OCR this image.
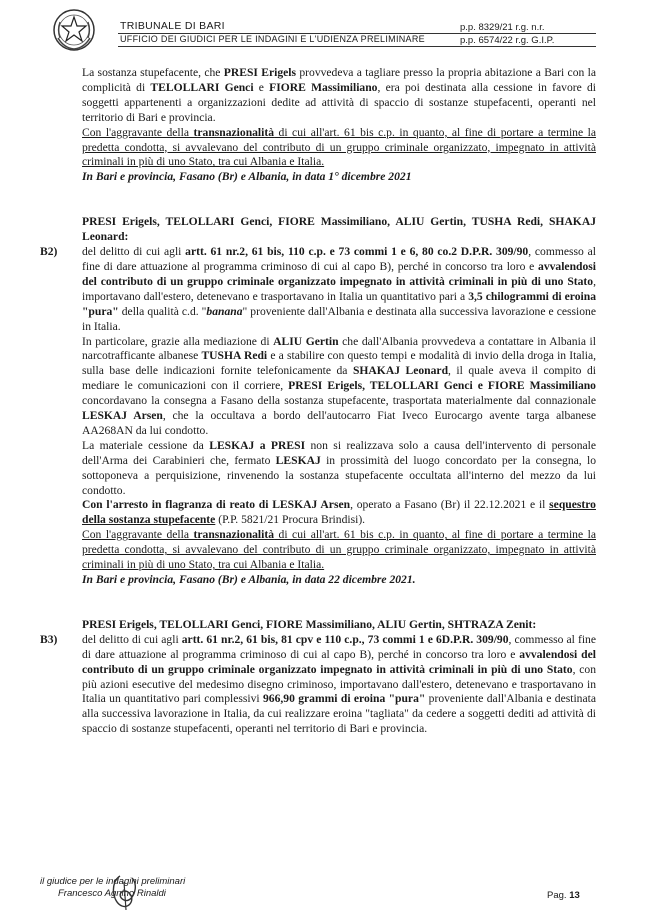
TRIBUNALE DI BARI
UFFICIO DEI GIUDICI PER LE INDAGINI E L'UDIENZA PRELIMINARE
p.p. 8329/21 r.g. n.r.
p.p. 6574/22 r.g. G.I.P.
La sostanza stupefacente, che PRESI Erigels provvedeva a tagliare presso la propria abitazione a Bari con la complicità di TELOLLARI Genci e FIORE Massimiliano, era poi destinata alla cessione in favore di soggetti appartenenti a organizzazioni dedite ad attività di spaccio di sostanze stupefacenti, operanti nel territorio di Bari e provincia.
Con l'aggravante della transnazionalità di cui all'art. 61 bis c.p. in quanto, al fine di portare a termine la predetta condotta, si avvalevano del contributo di un gruppo criminale organizzato, impegnato in attività criminali in più di uno Stato, tra cui Albania e Italia.
In Bari e provincia, Fasano (Br) e Albania, in data 1° dicembre 2021
PRESI Erigels, TELOLLARI Genci, FIORE Massimiliano, ALIU Gertin, TUSHA Redi, SHAKAJ Leonard:
B2) del delitto di cui agli artt. 61 nr.2, 61 bis, 110 c.p. e 73 commi 1 e 6, 80 co.2 D.P.R. 309/90, commesso al fine di dare attuazione al programma criminoso di cui al capo B), perché in concorso tra loro e avvalendosi del contributo di un gruppo criminale organizzato impegnato in attività criminali in più di uno Stato, importavano dall'estero, detenevano e trasportavano in Italia un quantitativo pari a 3,5 chilogrammi di eroina "pura" della qualità c.d. "banana" proveniente dall'Albania e destinata alla successiva lavorazione e cessione in Italia.
In particolare, grazie alla mediazione di ALIU Gertin che dall'Albania provvedeva a contattare in Albania il narcotrafficante albanese TUSHA Redi e a stabilire con questo tempi e modalità di invio della droga in Italia, sulla base delle indicazioni fornite telefonicamente da SHAKAJ Leonard, il quale aveva il compito di mediare le comunicazioni con il corriere, PRESI Erigels, TELOLLARI Genci e FIORE Massimiliano concordavano la consegna a Fasano della sostanza stupefacente, trasportata materialmente dal connazionale LESKAJ Arsen, che la occultava a bordo dell'autocarro Fiat Iveco Eurocargo avente targa albanese AA268AN da lui condotto.
La materiale cessione da LESKAJ a PRESI non si realizzava solo a causa dell'intervento di personale dell'Arma dei Carabinieri che, fermato LESKAJ in prossimità del luogo concordato per la consegna, lo sottoponeva a perquisizione, rinvenendo la sostanza stupefacente occultata all'interno del mezzo da lui condotto.
Con l'arresto in flagranza di reato di LESKAJ Arsen, operato a Fasano (Br) il 22.12.2021 e il sequestro della sostanza stupefacente (P.P. 5821/21 Procura Brindisi).
Con l'aggravante della transnazionalità di cui all'art. 61 bis c.p. in quanto, al fine di portare a termine la predetta condotta, si avvalevano del contributo di un gruppo criminale organizzato, impegnato in attività criminali in più di uno Stato, tra cui Albania e Italia.
In Bari e provincia, Fasano (Br) e Albania, in data 22 dicembre 2021.
PRESI Erigels, TELOLLARI Genci, FIORE Massimiliano, ALIU Gertin, SHTRAZA Zenit:
B3) del delitto di cui agli artt. 61 nr.2, 61 bis, 81 cpv e 110 c.p., 73 commi 1 e 6D.P.R. 309/90, commesso al fine di dare attuazione al programma criminoso di cui al capo B), perché in concorso tra loro e avvalendosi del contributo di un gruppo criminale organizzato impegnato in attività criminali in più di uno Stato, con più azioni esecutive del medesimo disegno criminoso, importavano dall'estero, detenevano e trasportavano in Italia un quantitativo pari complessivi 966,90 grammi di eroina "pura" proveniente dall'Albania e destinata alla successiva lavorazione in Italia, da cui realizzare eroina "tagliata" da cedere a soggetti dediti ad attività di spaccio di sostanze stupefacenti, operanti nel territorio di Bari e provincia.
il giudice per le indagini preliminari
Francesco Agnino Rinaldi	Pag. 13
